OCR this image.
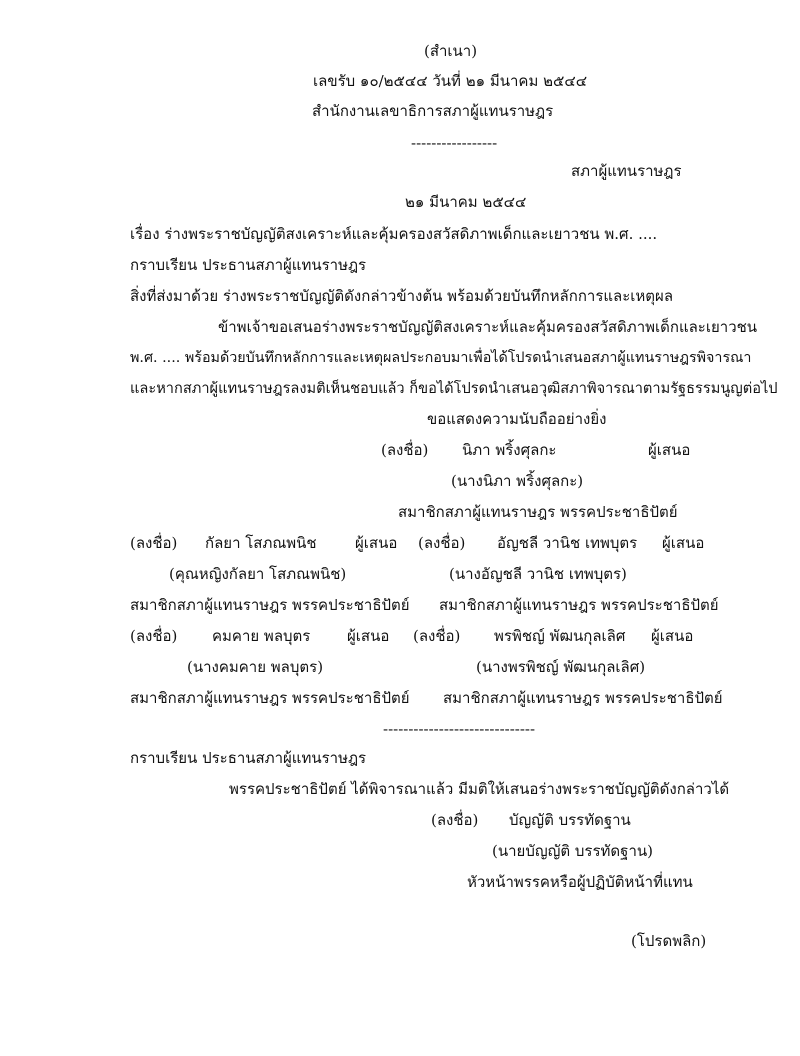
(สำเนา)
เลขรับ ๑๐/๒๕๔๔ วันที่ ๒๑ มีนาคม ๒๕๔๔
สำนักงานเลขาธิการสภาผู้แทนราษฎร
-----------------
สภาผู้แทนราษฎร
๒๑ มีนาคม ๒๕๔๔
เรื่อง ร่างพระราชบัญญัติสงเคราะห์และคุ้มครองสวัสดิภาพเด็กและเยาวชน พ.ศ. ....
กราบเรียน ประธานสภาผู้แทนราษฎร
สิ่งที่ส่งมาด้วย ร่างพระราชบัญญัติดังกล่าวข้างต้น พร้อมด้วยบันทึกหลักการและเหตุผล
ข้าพเจ้าขอเสนอร่างพระราชบัญญัติสงเคราะห์และคุ้มครองสวัสดิภาพเด็กและเยาวชน
พ.ศ. .... พร้อมด้วยบันทึกหลักการและเหตุผลประกอบมาเพื่อได้โปรดนำเสนอสภาผู้แทนราษฎรพิจารณา
และหากสภาผู้แทนราษฎรลงมติเห็นชอบแล้ว ก็ขอได้โปรดนำเสนอวุฒิสภาพิจารณาตามรัฐธรรมนูญต่อไป
ขอแสดงความนับถืออย่างยิ่ง
(ลงชื่อ) นิภา พริ้งศุลกะ	ผู้เสนอ
(นางนิภา พริ้งศุลกะ)
สมาชิกสภาผู้แทนราษฎร พรรคประชาธิปัตย์
(ลงชื่อ) กัลยา โสภณพนิช	ผู้เสนอ (ลงชื่อ) อัญชลี วานิช เทพบุตร ผู้เสนอ
(คุณหญิงกัลยา โสภณพนิช)	(นางอัญชลี วานิช เทพบุตร)
สมาชิกสภาผู้แทนราษฎร พรรคประชาธิปัตย์ สมาชิกสภาผู้แทนราษฎร พรรคประชาธิปัตย์
(ลงชื่อ) คมคาย พลบุตร ผู้เสนอ (ลงชื่อ) พรพิชญ์ พัฒนกุลเลิศ ผู้เสนอ
(นางคมคาย พลบุตร)	(นางพรพิชญ์ พัฒนกุลเลิศ)
สมาชิกสภาผู้แทนราษฎร พรรคประชาธิปัตย์ สมาชิกสภาผู้แทนราษฎร พรรคประชาธิปัตย์
------------------------------
กราบเรียน ประธานสภาผู้แทนราษฎร
พรรคประชาธิปัตย์ ได้พิจารณาแล้ว มีมติให้เสนอร่างพระราชบัญญัติดังกล่าวได้
(ลงชื่อ) บัญญัติ บรรทัดฐาน
(นายบัญญัติ บรรทัดฐาน)
หัวหน้าพรรคหรือผู้ปฏิบัติหน้าที่แทน
(โปรดพลิก)
